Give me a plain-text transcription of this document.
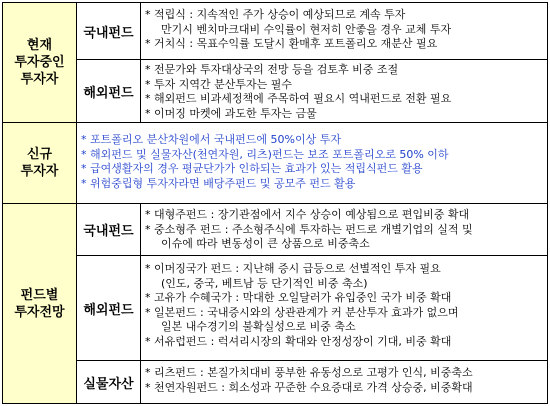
현재
투자중인
투자자
국내펀드
* 적립식 : 지속적인 주가 상승이 예상되므로 계속 투자
만기시 벤치마크대비 수익률이 현저히 안좋을 경우 교체 투자
* 거치식 : 목표수익률 도달시 환매후 포트폴리오 재분산 필요
해외펀드
* 전문가와 투자대상국의 전망 등을 검토후 비중 조절
* 투자 지역간 분산투자는 필수
* 해외펀드 비과세정책에 주목하여 필요시 역내펀드로 전환 필요
* 이머징 마켓에 과도한 투자는 금물
신규
투자자
* 포트폴리오 분산차원에서 국내펀드에 50%이상 투자
* 해외펀드 및 실물자산(천연자원, 리츠)펀드는 보조 포트폴리오로 50% 이하
* 급여생활자의 경우 평균단가가 인하되는 효과가 있는 적립식펀드 활용
* 위험중립형 투자자라면 배당주펀드 및 공모주 펀드 활용
펀드별
투자전망
국내펀드
* 대형주펀드 : 장기관점에서 지수 상승이 예상됨으로 편입비중 확대
* 중소형주 펀드 : 주소형주식에 투자하는 펀드로 개별기업의 실적 및
이슈에 따라 변동성이 큰 상품으로 비중축소
해외펀드
* 이머징국가 펀드 : 지난해 증시 급등으로 선별적인 투자 필요
(인도, 중국, 베트남 등 단기적인 비중 축소)
* 고유가 수혜국가 : 막대한 오일달러가 유입중인 국가 비중 확대
* 일본펀드 : 국내증시와의 상관관계가 커 분산투자 효과가 없으며
일본 내수경기의 불확실성으로 비중 축소
* 서유럽펀드 : 럭셔리시장의 확대와 안정성장이 기대, 비중 확대
실물자산
* 리츠펀드 : 본질가치대비 풍부한 유동성으로 고평가 인식, 비중축소
* 천연자원펀드 : 희소성과 꾸준한 수요증대로 가격 상승중, 비중확대
